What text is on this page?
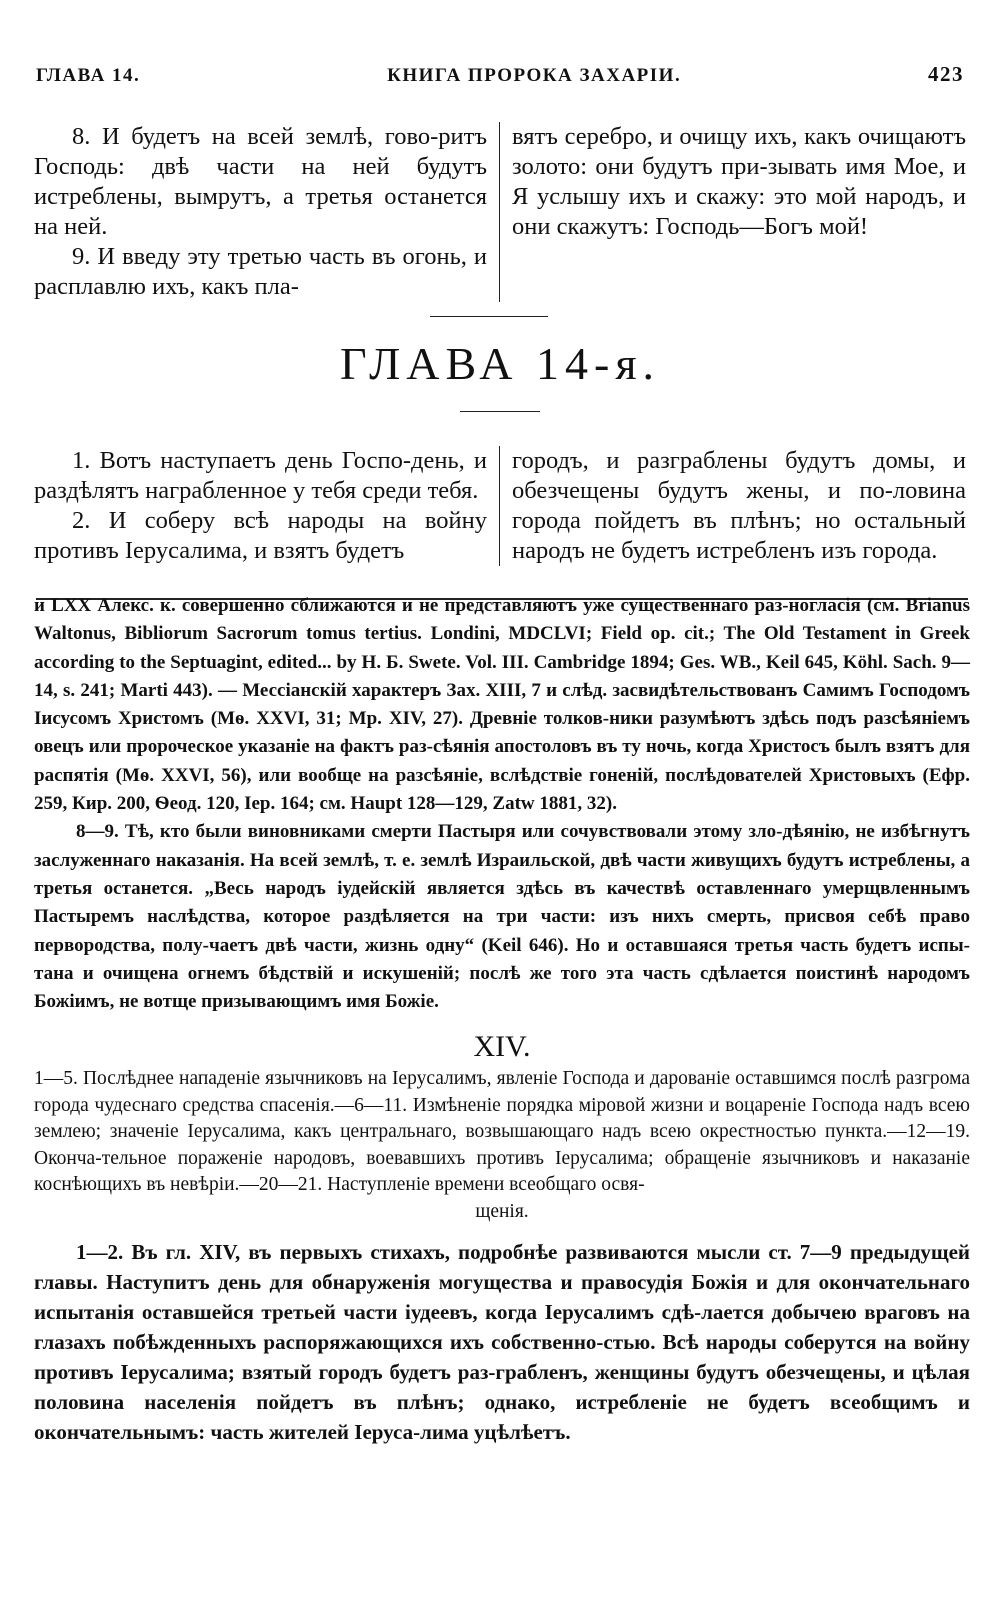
ГЛАВА 14.	КНИГА ПРОРОКА ЗАХАРІИ.	423

8. И будетъ на всей землѣ, гово-ритъ Господь: двѣ части на ней будутъ истреблены, вымрутъ, а третья останется на ней.

9. И введу эту третью часть въ огонь, и расплавлю ихъ, какъ пла-

вятъ серебро, и очищу ихъ, какъ очищаютъ золото: они будутъ при-зывать имя Мое, и Я услышу ихъ и скажу: это мой народъ, и они скажутъ: Господь—Богъ мой!

ГЛАВА 14-я.

1. Вотъ наступаетъ день Госпо-день, и раздѣлятъ награбленное у тебя среди тебя.

2. И соберу всѣ народы на войну противъ Іерусалима, и взятъ будетъ

городъ, и разграблены будутъ домы, и обезчещены будутъ жены, и по-ловина города пойдетъ въ плѣнъ; но остальный народъ не будетъ истребленъ изъ города.

и LXX Алекс. к. совершенно сближаются и не представляютъ уже существеннаго раз-ногласія (см. Brianus Waltonus, Bibliorum Sacrorum tomus tertius. Londini, MDCLVI; Field op. cit.; The Old Testament in Greek according to the Septuagint, edited... by H. Б. Swete. Vol. III. Cambridge 1894; Ges. WB., Keil 645, Köhl. Sach. 9—14, s. 241; Marti 443). — Мессіанскій характеръ Зах. XIII, 7 и слѣд. засвидѣтельствованъ Самимъ Господомъ Іисусомъ Христомъ (Мѳ. XXVI, 31; Мр. XIV, 27). Древніе толков-ники разумѣютъ здѣсь подъ разсѣяніемъ овецъ или пророческое указаніе на фактъ раз-сѣянія апостоловъ въ ту ночь, когда Христосъ былъ взятъ для распятія (Мѳ. XXVI, 56), или вообще на разсѣяніе, вслѣдствіе гоненій, послѣдователей Христовыхъ (Ефр. 259, Кир. 200, Ѳеод. 120, Іер. 164; см. Haupt 128—129, Zatw 1881, 32).

8—9. Тѣ, кто были виновниками смерти Пастыря или сочувствовали этому зло-дѣянію, не избѣгнутъ заслуженнаго наказанія. На всей землѣ, т. е. землѣ Израильской, двѣ части живущихъ будутъ истреблены, а третья останется. „Весь народъ іудейскій является здѣсь въ качествѣ оставленнаго умерщвленнымъ Пастыремъ наслѣдства, которое раздѣляется на три части: изъ нихъ смерть, присвоя себѣ право первородства, полу-чаетъ двѣ части, жизнь одну“ (Keil 646). Но и оставшаяся третья часть будетъ испы-тана и очищена огнемъ бѣдствій и искушеній; послѣ же того эта часть сдѣлается поистинѣ народомъ Божіимъ, не вотще призывающимъ имя Божіе.

XIV.

1—5. Послѣднее нападеніе язычниковъ на Іерусалимъ, явленіе Господа и дарованіе оставшимся послѣ разгрома города чудеснаго средства спасенія.—6—11. Измѣненіе порядка міровой жизни и воцареніе Господа надъ всею землею; значеніе Іерусалима, какъ центральнаго, возвышающаго надъ всею окрестностью пункта.—12—19. Оконча-тельное пораженіе народовъ, воевавшихъ противъ Іерусалима; обращеніе язычниковъ и наказаніе коснѣющихъ въ невѣріи.—20—21. Наступленіе времени всеобщаго освя-

щенія.

1—2. Въ гл. XIV, въ первыхъ стихахъ, подробнѣе развиваются мысли ст. 7—9 предыдущей главы. Наступитъ день для обнаруженія могущества и правосудія Божія и для окончательнаго испытанія оставшейся третьей части іудеевъ, когда Іерусалимъ сдѣ-лается добычею враговъ на глазахъ побѣжденныхъ распоряжающихся ихъ собственно-стью. Всѣ народы соберутся на войну противъ Іерусалима; взятый городъ будетъ раз-грабленъ, женщины будутъ обезчещены, и цѣлая половина населенія пойдетъ въ плѣнъ; однако, истребленіе не будетъ всеобщимъ и окончательнымъ: часть жителей Іеруса-лима уцѣлѣетъ.
